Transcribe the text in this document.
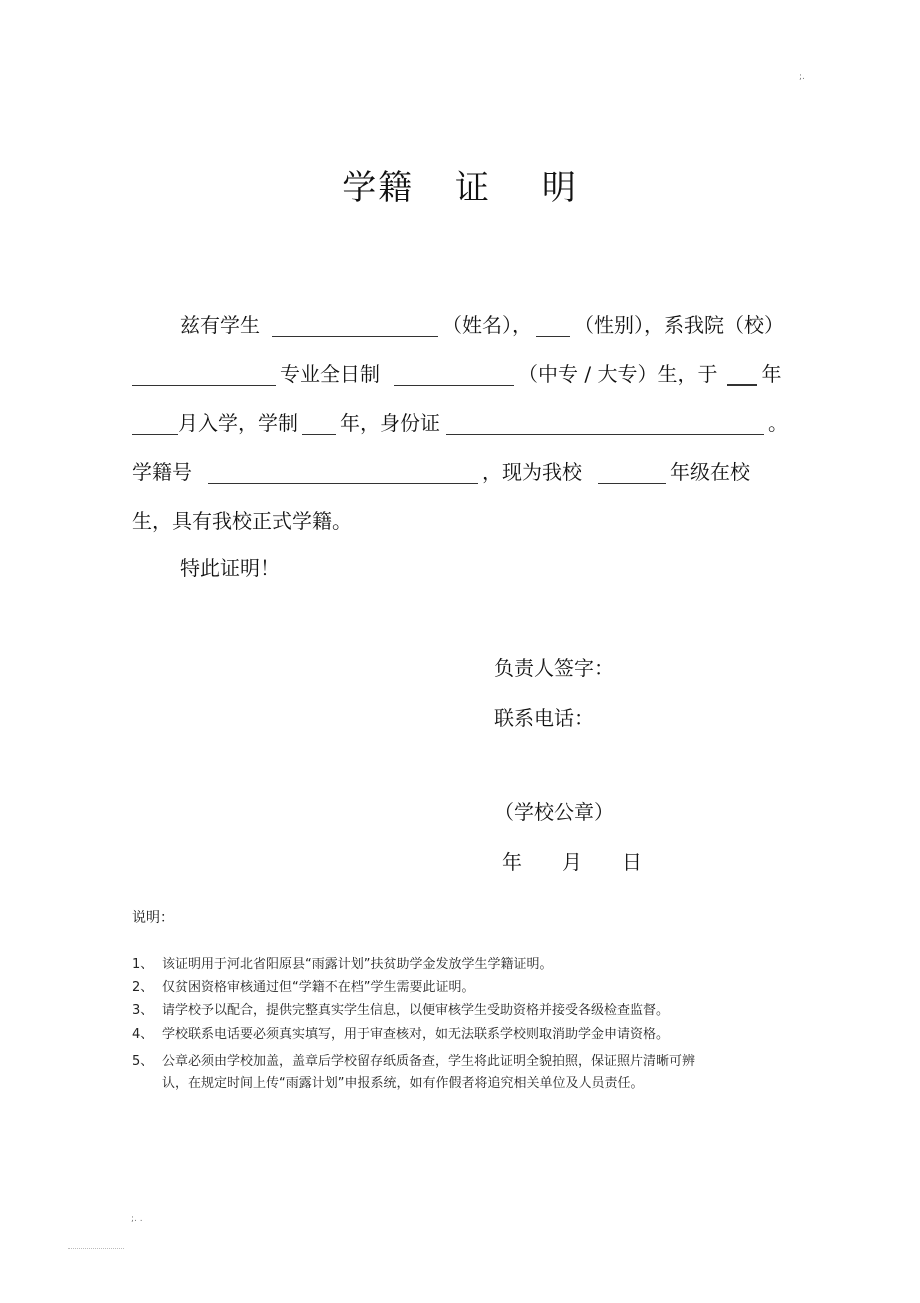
;.
学籍 证 明
兹有学生	（姓名）， （性别），系我院（校）
专业全日制	（中专 / 大专）生，于 年
月入学，学制 年，身份证	。
学籍号	，现为我校	年级在校
生，具有我校正式学籍。
特此证明！
负责人签字：
联系电话：
（学校公章）
年 月 日
说明：
1、 该证明用于河北省阳原县“雨露计划”扶贫助学金发放学生学籍证明。
2、 仅贫困资格审核通过但“学籍不在档”学生需要此证明。
3、 请学校予以配合，提供完整真实学生信息，以便审核学生受助资格并接受各级检查监督。
4、 学校联系电话要必须真实填写，用于审查核对，如无法联系学校则取消助学金申请资格。
5、 公章必须由学校加盖，盖章后学校留存纸质备查，学生将此证明全貌拍照，保证照片清晰可辨
认，在规定时间上传“雨露计划”申报系统，如有作假者将追究相关单位及人员责任。
;. .
